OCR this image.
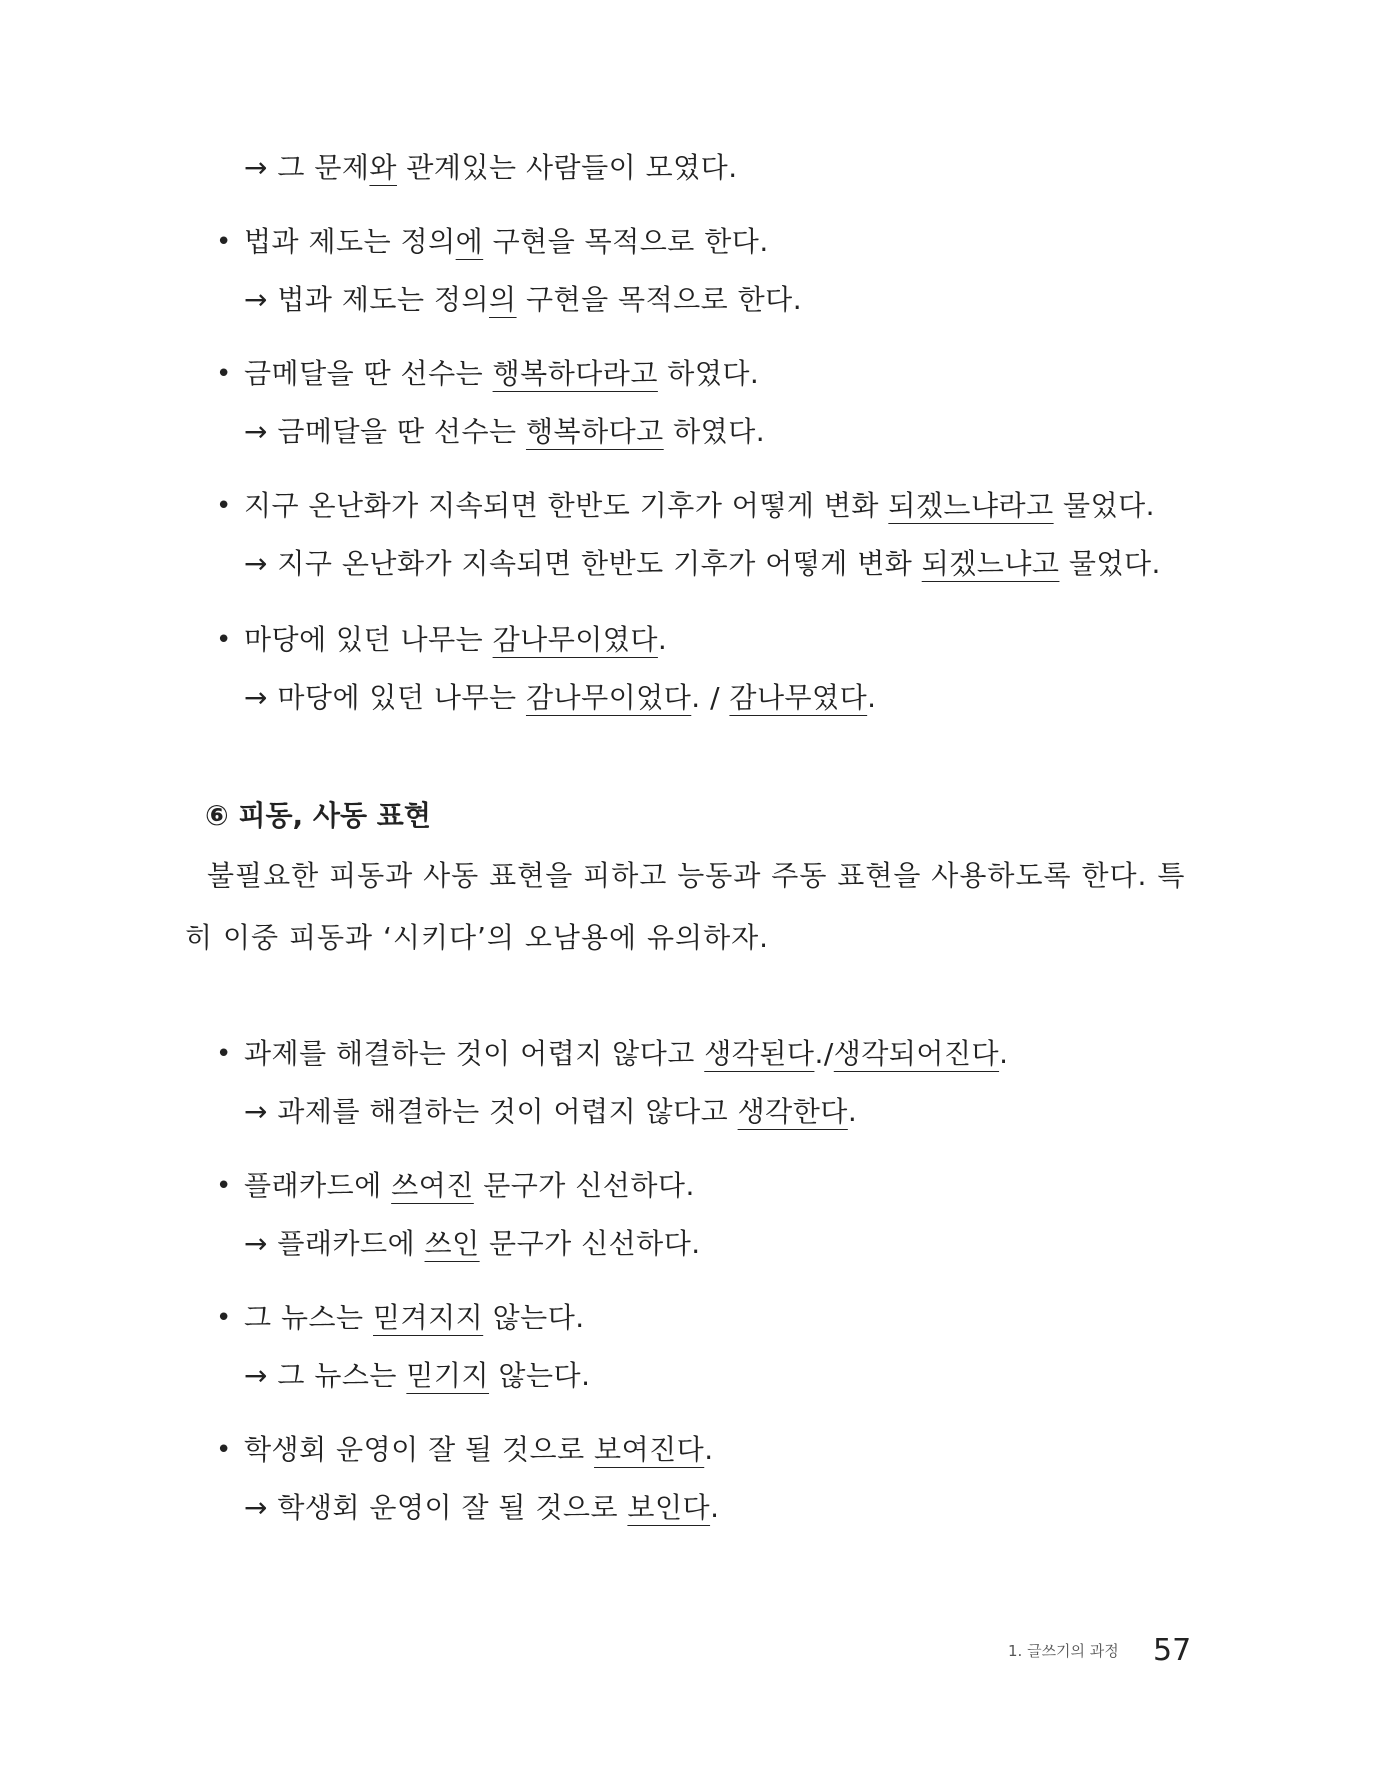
→ 그 문제와 관계있는 사람들이 모였다.
• 법과 제도는 정의에 구현을 목적으로 한다.
→ 법과 제도는 정의의 구현을 목적으로 한다.
• 금메달을 딴 선수는 행복하다라고 하였다.
→ 금메달을 딴 선수는 행복하다고 하였다.
• 지구 온난화가 지속되면 한반도 기후가 어떻게 변화 되겠느냐라고 물었다.
→ 지구 온난화가 지속되면 한반도 기후가 어떻게 변화 되겠느냐고 물었다.
• 마당에 있던 나무는 감나무이였다.
→ 마당에 있던 나무는 감나무이었다. / 감나무였다.
⑥ 피동, 사동 표현
불필요한 피동과 사동 표현을 피하고 능동과 주동 표현을 사용하도록 한다. 특
히 이중 피동과 ‘시키다’의 오남용에 유의하자.
• 과제를 해결하는 것이 어렵지 않다고 생각된다./생각되어진다.
→ 과제를 해결하는 것이 어렵지 않다고 생각한다.
• 플래카드에 쓰여진 문구가 신선하다.
→ 플래카드에 쓰인 문구가 신선하다.
• 그 뉴스는 믿겨지지 않는다.
→ 그 뉴스는 믿기지 않는다.
• 학생회 운영이 잘 될 것으로 보여진다.
→ 학생회 운영이 잘 될 것으로 보인다.
1. 글쓰기의 과정 57
